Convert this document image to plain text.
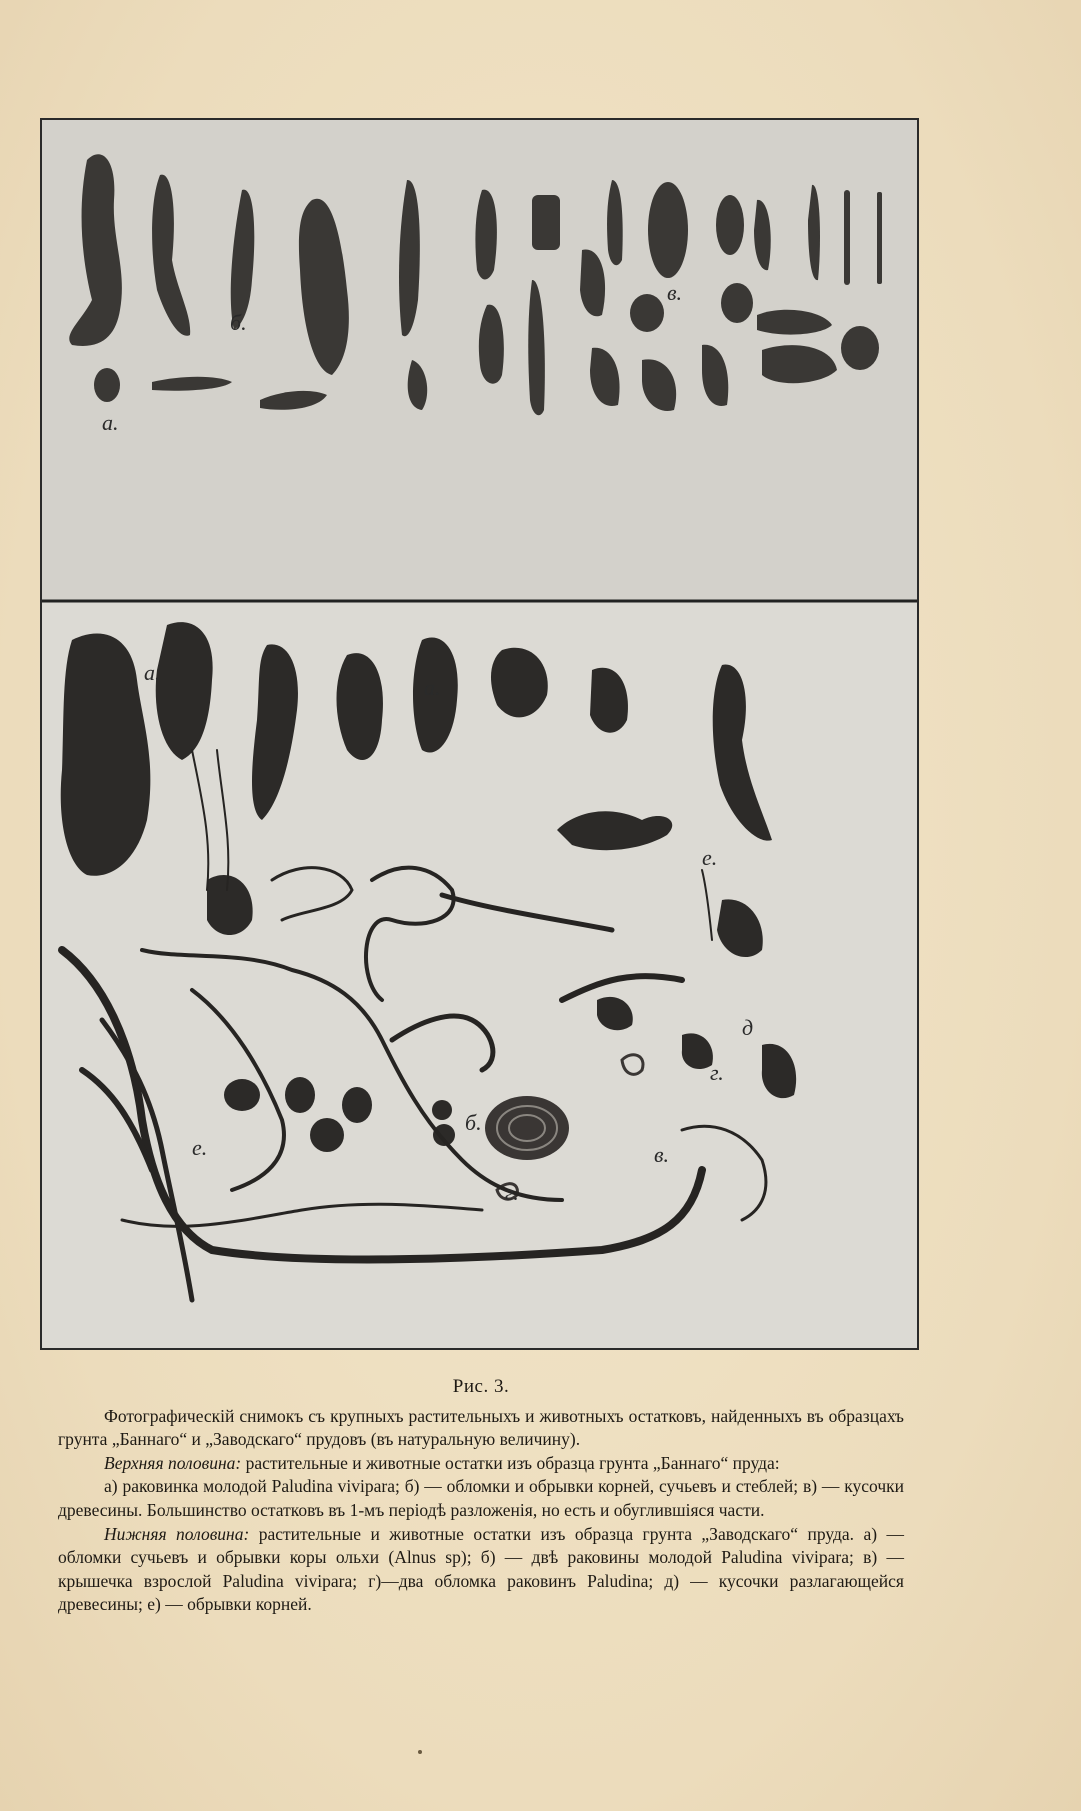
а.
б.
в.
а.
а.
е.
д
г.
б.
в.
г.
е.

Рис. 3.

Фотографическій снимокъ съ крупныхъ растительныхъ и животныхъ остатковъ, найденныхъ въ образцахъ грунта „Баннаго“ и „Заводскаго“ прудовъ (въ натуральную величину).

Верхняя половина: растительные и животные остатки изъ образца грунта „Баннаго“ пруда:

а) раковинка молодой Paludina vivipara; б) — обломки и обрывки корней, сучьевъ и стеблей; в) — кусочки древесины. Большинство остатковъ въ 1-мъ періодѣ разложенія, но есть и обуглившіяся части.

Нижняя половина: растительные и животные остатки изъ образца грунта „Заводскаго“ пруда. а) — обломки сучьевъ и обрывки коры ольхи (Alnus sp); б) — двѣ раковины молодой Paludina vivipara; в) — крышечка взрослой Paludina vivipara; г)—два обломка раковинъ Paludina; д) — кусочки разлагающейся древесины; е) — обрывки корней.
